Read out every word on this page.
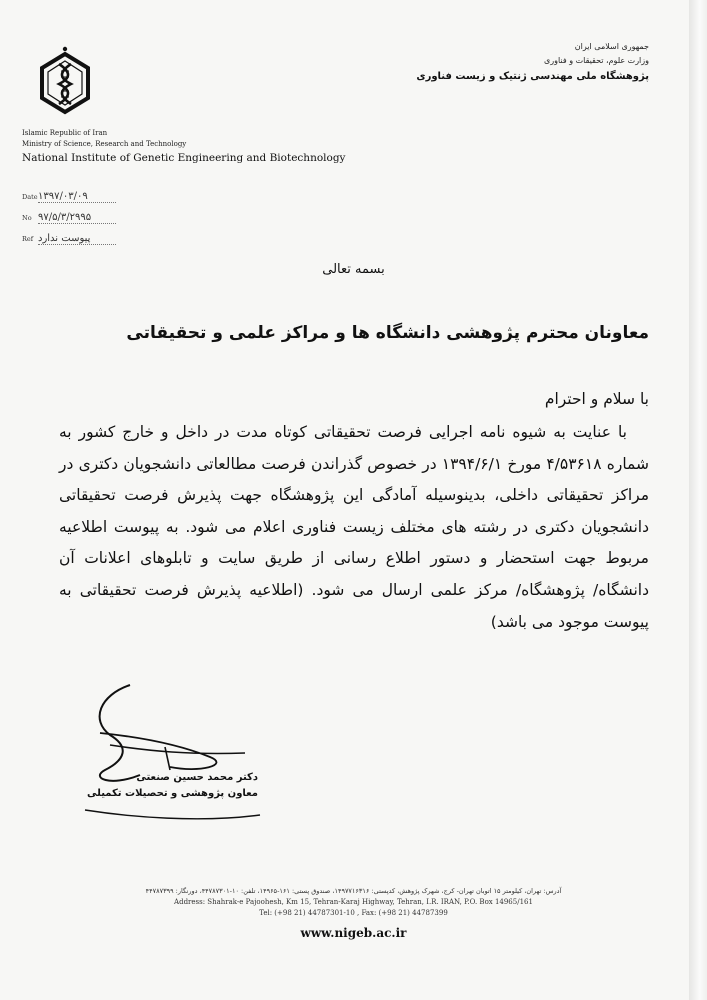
Islamic Republic of Iran
Ministry of Science, Research and Technology
National Institute of Genetic Engineering and Biotechnology
جمهوری اسلامی ایران
وزارت علوم، تحقیقات و فناوری
پژوهشگاه ملی مهندسی ژنتیک و زیست فناوری
Date ۱۳۹۷/۰۳/۰۹
No ۹۷/۵/۳/۲۹۹۵
Ref پیوست ندارد
بسمه تعالی
معاونان محترم پژوهشی دانشگاه ها و مراکز علمی و تحقیقاتی
با سلام و احترام

با عنایت به شیوه نامه اجرایی فرصت تحقیقاتی کوتاه مدت در داخل و خارج کشور به شماره ۴/۵۳۶۱۸ مورخ ۱۳۹۴/۶/۱ در خصوص گذراندن فرصت مطالعاتی دانشجویان دکتری در مراکز تحقیقاتی داخلی، بدینوسیله آمادگی این پژوهشگاه جهت پذیرش فرصت تحقیقاتی دانشجویان دکتری در رشته های مختلف زیست فناوری اعلام می شود. به پیوست اطلاعیه مربوط جهت استحضار و دستور اطلاع رسانی از طریق سایت و تابلوهای اعلانات آن دانشگاه/ پژوهشگاه/ مرکز علمی ارسال می شود. (اطلاعیه پذیرش فرصت تحقیقاتی به پیوست موجود می باشد)

دکتر محمد حسین صنعتی
معاون پژوهشی و تحصیلات تکمیلی
آدرس: تهران، کیلومتر ۱۵ اتوبان تهران- کرج، شهرک پژوهش، کدپستی: ۱۴۹۷۷۱۶۳۱۶، صندوق پستی: ۱۶۱-۱۴۹۶۵، تلفن: ۱۰-۴۴۷۸۷۳۰۱، دورنگار: ۴۴۷۸۷۳۹۹
Address: Shahrak-e Pajoohesh, Km 15, Tehran-Karaj Highway, Tehran, I.R. IRAN, P.O. Box 14965/161
Tel: (+98 21) 44787301-10 , Fax: (+98 21) 44787399
www.nigeb.ac.ir
